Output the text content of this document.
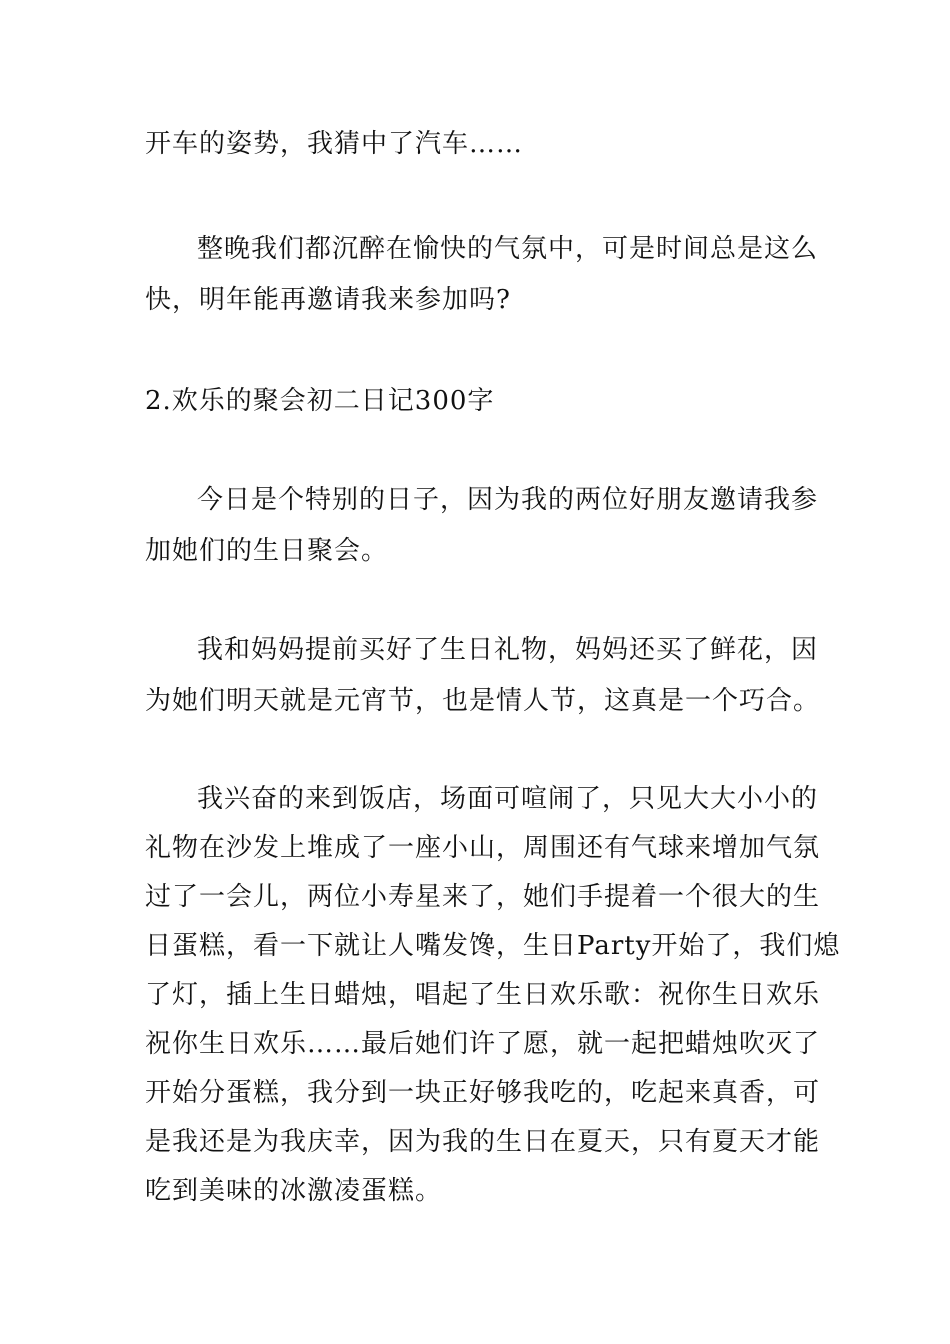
开车的姿势，我猜中了汽车……
整晚我们都沉醉在愉快的气氛中，可是时间总是这么
快，明年能再邀请我来参加吗?
2.欢乐的聚会初二日记300字
今日是个特别的日子，因为我的两位好朋友邀请我参
加她们的生日聚会。
我和妈妈提前买好了生日礼物，妈妈还买了鲜花，因
为她们明天就是元宵节，也是情人节，这真是一个巧合。
我兴奋的来到饭店，场面可喧闹了，只见大大小小的
礼物在沙发上堆成了一座小山，周围还有气球来增加气氛
过了一会儿，两位小寿星来了，她们手提着一个很大的生
日蛋糕，看一下就让人嘴发馋，生日Party开始了，我们熄
了灯，插上生日蜡烛，唱起了生日欢乐歌：祝你生日欢乐
祝你生日欢乐……最后她们许了愿，就一起把蜡烛吹灭了
开始分蛋糕，我分到一块正好够我吃的，吃起来真香，可
是我还是为我庆幸，因为我的生日在夏天，只有夏天才能
吃到美味的冰激凌蛋糕。
